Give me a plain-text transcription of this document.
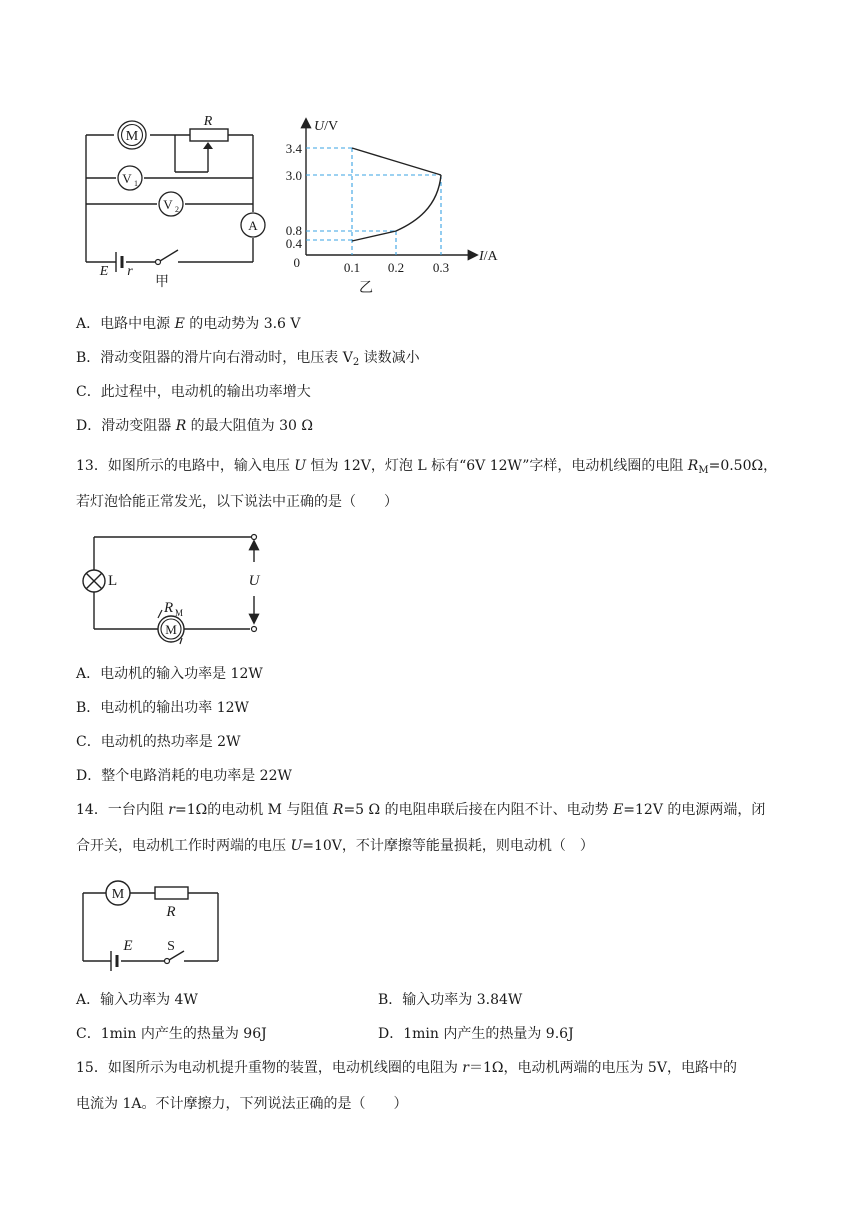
M
R
V 1
V 2
A
E r
甲
U/V
3.4
3.0
0.8
0.4
0	0.1 0.2 0.3
I/A
乙
A．电路中电源 E 的电动势为 3.6 V
B．滑动变阻器的滑片向右滑动时，电压表 $V_2$ 读数减小
C．此过程中，电动机的输出功率增大
D．滑动变阻器 R 的最大阻值为 30 Ω
13．如图所示的电路中，输入电压 U 恒为 12V，灯泡 L 标有“6V 12W”字样，电动机线圈的电阻 $R_M=0.50\Omega$，
若灯泡恰能正常发光，以下说法中正确的是（　　）
L
M
R M
U
A．电动机的输入功率是 12W
B．电动机的输出功率 12W
C．电动机的热功率是 2W
D．整个电路消耗的电功率是 22W
14．一台内阻 r=1Ω的电动机 M 与阻值 R=5 Ω 的电阻串联后接在内阻不计、电动势 E=12V 的电源两端，闭
合开关，电动机工作时两端的电压 U=10V，不计摩擦等能量损耗，则电动机（　）
M
R
E S
A．输入功率为 4W	B．输入功率为 3.84W
C．1min 内产生的热量为 96J	D．1min 内产生的热量为 9.6J
15．如图所示为电动机提升重物的装置，电动机线圈的电阻为 r＝1Ω，电动机两端的电压为 5V，电路中的
电流为 1A。不计摩擦力，下列说法正确的是（　　）
